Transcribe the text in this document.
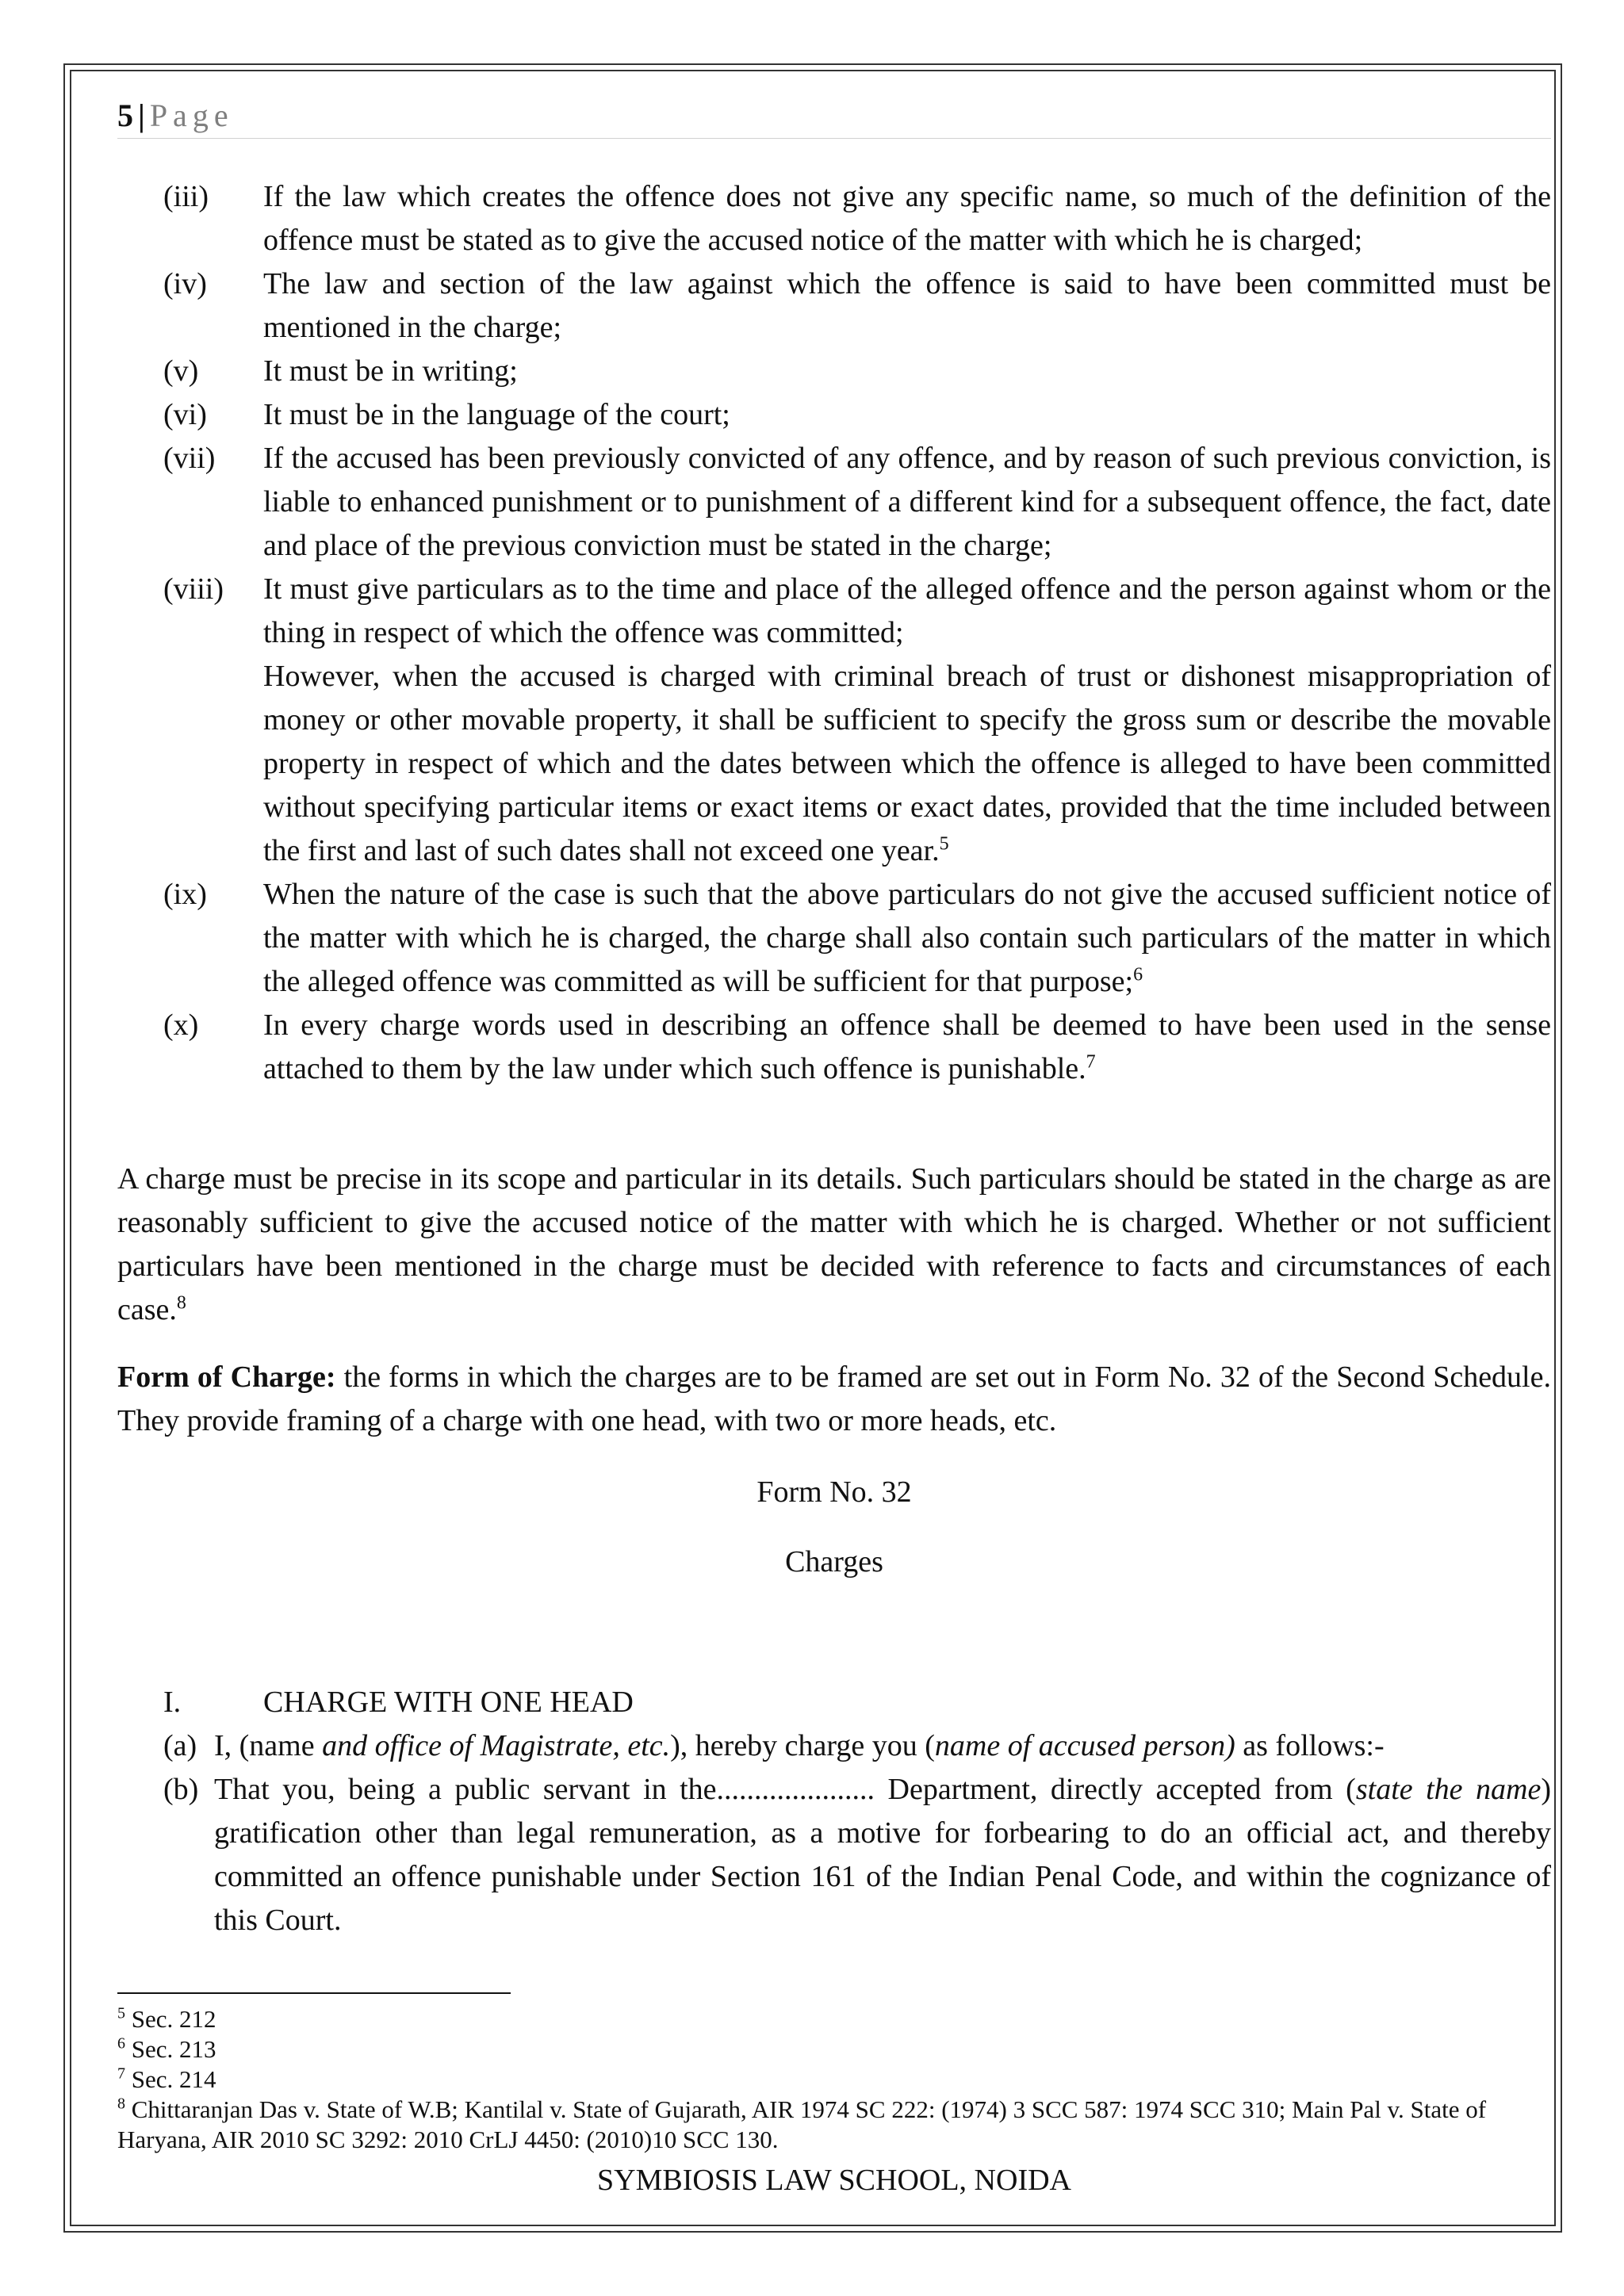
5 | Page
(iii) If the law which creates the offence does not give any specific name, so much of the definition of the offence must be stated as to give the accused notice of the matter with which he is charged;

(iv) The law and section of the law against which the offence is said to have been committed must be mentioned in the charge;

(v) It must be in writing;

(vi) It must be in the language of the court;

(vii) If the accused has been previously convicted of any offence, and by reason of such previous conviction, is liable to enhanced punishment or to punishment of a different kind for a subsequent offence, the fact, date and place of the previous conviction must be stated in the charge;

(viii) It must give particulars as to the time and place of the alleged offence and the person against whom or the thing in respect of which the offence was committed;

However, when the accused is charged with criminal breach of trust or dishonest misappropriation of money or other movable property, it shall be sufficient to specify the gross sum or describe the movable property in respect of which and the dates between which the offence is alleged to have been committed without specifying particular items or exact items or exact dates, provided that the time included between the first and last of such dates shall not exceed one year.$^5$

(ix) When the nature of the case is such that the above particulars do not give the accused sufficient notice of the matter with which he is charged, the charge shall also contain such particulars of the matter in which the alleged offence was committed as will be sufficient for that purpose;$^6$

(x) In every charge words used in describing an offence shall be deemed to have been used in the sense attached to them by the law under which such offence is punishable.$^7$

A charge must be precise in its scope and particular in its details. Such particulars should be stated in the charge as are reasonably sufficient to give the accused notice of the matter with which he is charged. Whether or not sufficient particulars have been mentioned in the charge must be decided with reference to facts and circumstances of each case.$^8$

Form of Charge: the forms in which the charges are to be framed are set out in Form No. 32 of the Second Schedule. They provide framing of a charge with one head, with two or more heads, etc.

Form No. 32

Charges

I.	CHARGE WITH ONE HEAD
(a) I, (name and office of Magistrate, etc.), hereby charge you (name of accused person) as follows:-
(b) That you, being a public servant in the..................... Department, directly accepted from (state the name) gratification other than legal remuneration, as a motive for forbearing to do an official act, and thereby committed an offence punishable under Section 161 of the Indian Penal Code, and within the cognizance of this Court.
$^5$ Sec. 212
$^6$ Sec. 213
$^7$ Sec. 214
$^8$ Chittaranjan Das v. State of W.B; Kantilal v. State of Gujarath, AIR 1974 SC 222: (1974) 3 SCC 587: 1974 SCC 310; Main Pal v. State of Haryana, AIR 2010 SC 3292: 2010 CrLJ 4450: (2010)10 SCC 130.
SYMBIOSIS LAW SCHOOL, NOIDA
